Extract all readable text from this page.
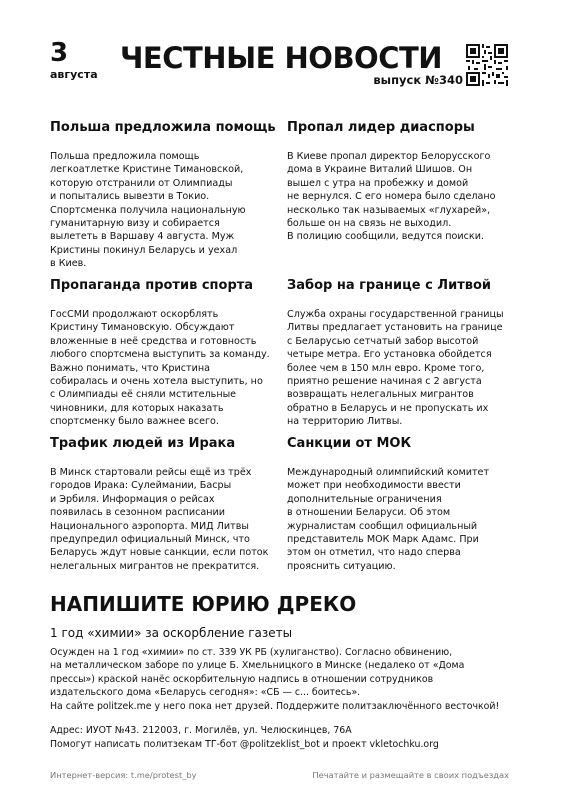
3
августа ЧЕСТНЫЕ НОВОСТИ
выпуск №340
Польша предложила помощь

Польша предложила помощь
легкоатлетке Кристине Тимановской,
которую отстранили от Олимпиады
и попытались вывезти в Токио.
Спортсменка получила национальную
гуманитарную визу и собирается
вылететь в Варшаву 4 августа. Муж
Кристины покинул Беларусь и уехал
в Киев.

Пропал лидер диаспоры

В Киеве пропал директор Белорусского
дома в Украине Виталий Шишов. Он
вышел с утра на пробежку и домой
не вернулся. С его номера было сделано
несколько так называемых «глухарей»,
больше он на связь не выходил.
В полицию сообщили, ведутся поиски.

Пропаганда против спорта

ГосСМИ продолжают оскорблять
Кристину Тимановскую. Обсуждают
вложенные в неё средства и готовность
любого спортсмена выступить за команду.
Важно понимать, что Кристина
собиралась и очень хотела выступить, но
с Олимпиады её сняли мстительные
чиновники, для которых наказать
спортсменку было важнее всего.

Забор на границе с Литвой

Служба охраны государственной границы
Литвы предлагает установить на границе
с Беларусью сетчатый забор высотой
четыре метра. Его установка обойдется
более чем в 150 млн евро. Кроме того,
приятно решение начиная с 2 августа
возвращать нелегальных мигрантов
обратно в Беларусь и не пропускать их
на территорию Литвы.

Трафик людей из Ирака

В Минск стартовали рейсы ещё из трёх
городов Ирака: Сулеймании, Басры
и Эрбиля. Информация о рейсах
появилась в сезонном расписании
Национального аэропорта. МИД Литвы
предупредил официальный Минск, что
Беларусь ждут новые санкции, если поток
нелегальных мигрантов не прекратится.

Санкции от МОК

Международный олимпийский комитет
может при необходимости ввести
дополнительные ограничения
в отношении Беларуси. Об этом
журналистам сообщил официальный
представитель МОК Марк Адамс. При
этом он отметил, что надо сперва
прояснить ситуацию.

НАПИШИТЕ ЮРИЮ ДРЕКО
1 год «химии» за оскорбление газеты

Осужден на 1 год «химии» по ст. 339 УК РБ (хулиганство). Согласно обвинению,

на металлическом заборе по улице Б. Хмельницкого в Минске (недалеко от «Дома

прессы») краской нанёс оскорбительную надпись в отношении сотрудников

издательского дома «Беларусь сегодня»: «СБ — с... боитесь».

На сайте politzek.me у него пока нет друзей. Поддержите политзаключённого весточкой!

Адрес: ИУОТ №43. 212003, г. Могилёв, ул. Челюскинцев, 76А

Помогут написать политзекам ТГ-бот @politzeklist_bot и проект vkletochku.org

Интернет-версия: t.me/protest_by	Печатайте и размещайте в своих подъездах
